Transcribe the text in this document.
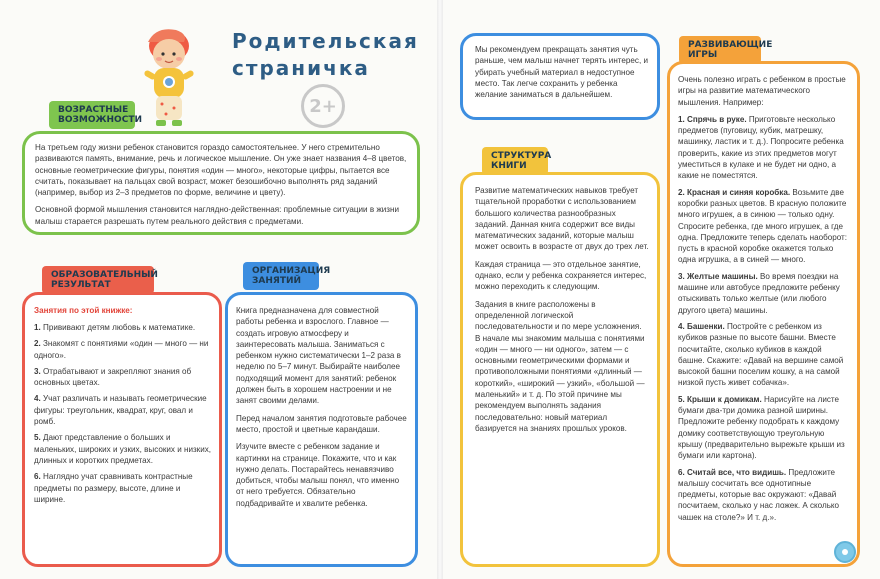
Родительская
страничка
2+

На третьем году жизни ребенок становится гораздо самостоятельнее. У него стремительно развиваются память, внимание, речь и логическое мышление. Он уже знает названия 4–8 цветов, основные геометрические фигуры, понятия «один — много», некоторые цифры, пытается все считать, показывает на пальцах свой возраст, может безошибочно выполнять ряд заданий (например, выбор из 2–3 предметов по форме, величине и цвету).

Основной формой мышления становится наглядно-действенная: проблемные ситуации в жизни малыш старается разрешать путем реального действия с предметами.

ВОЗРАСТНЫЕ ВОЗМОЖНОСТИ
Занятия по этой книжке:
1. Прививают детям любовь к математике.
2. Знакомят с понятиями «один — много — ни одного».
3. Отрабатывают и закрепляют знания об основных цветах.
4. Учат различать и называть геометрические фигуры: треугольник, квадрат, круг, овал и ромб.
5. Дают представление о больших и маленьких, широких и узких, высоких и низких, длинных и коротких предметах.
6. Наглядно учат сравнивать контрастные предметы по размеру, высоте, длине и ширине.
ОБРАЗОВАТЕЛЬНЫЙ РЕЗУЛЬТАТ

Книга предназначена для совместной работы ребенка и взрослого. Главное — создать игровую атмосферу и заинтересовать малыша. Заниматься с ребенком нужно систематически 1–2 раза в неделю по 5–7 минут. Выбирайте наиболее подходящий момент для занятий: ребенок должен быть в хорошем настроении и не занят своими делами.

Перед началом занятия подготовьте рабочее место, простой и цветные карандаши.

Изучите вместе с ребенком задание и картинки на странице. Покажите, что и как нужно делать. Постарайтесь ненавязчиво добиться, чтобы малыш понял, что именно от него требуется. Обязательно подбадривайте и хвалите ребенка.

ОРГАНИЗАЦИЯ ЗАНЯТИЙ

Мы рекомендуем прекращать занятия чуть раньше, чем малыш начнет терять интерес, и убирать учебный материал в недоступное место. Так легче сохранить у ребенка желание заниматься в дальнейшем.

Развитие математических навыков требует тщательной проработки с использованием большого количества разнообразных заданий. Данная книга содержит все виды математических заданий, которые малыш может освоить в возрасте от двух до трех лет.

Каждая страница — это отдельное занятие, однако, если у ребенка сохраняется интерес, можно переходить к следующим.

Задания в книге расположены в определенной логической последовательности и по мере усложнения. В начале мы знакомим малыша с понятиями «один — много — ни одного», затем — с основными геометрическими формами и противоположными понятиями «длинный — короткий», «широкий — узкий», «большой — маленький» и т. д. По этой причине мы рекомендуем выполнять задания последовательно: новый материал базируется на знаниях прошлых уроков.

СТРУКТУРА КНИГИ

Очень полезно играть с ребенком в простые игры на развитие математического мышления. Например:

1. Спрячь в руке. Приготовьте несколько предметов (пуговицу, кубик, матрешку, машинку, ластик и т. д.). Попросите ребенка проверить, какие из этих предметов могут уместиться в кулаке и не будет ни одно, а какие не поместятся.
2. Красная и синяя коробка. Возьмите две коробки разных цветов. В красную положите много игрушек, а в синюю — только одну. Спросите ребенка, где много игрушек, а где одна. Предложите теперь сделать наоборот: пусть в красной коробке окажется только одна игрушка, а в синей — много.
3. Желтые машины. Во время поездки на машине или автобусе предложите ребенку отыскивать только желтые (или любого другого цвета) машины.
4. Башенки. Постройте с ребенком из кубиков разные по высоте башни. Вместе посчитайте, сколько кубиков в каждой башне. Скажите: «Давай на вершине самой высокой башни поселим кошку, а на самой низкой пусть живет собачка».
5. Крыши к домикам. Нарисуйте на листе бумаги два-три домика разной ширины. Предложите ребенку подобрать к каждому домику соответствующую треугольную крышу (предварительно вырежьте крыши из бумаги или картона).
6. Считай все, что видишь. Предложите малышу сосчитать все однотипные предметы, которые вас окружают: «Давай посчитаем, сколько у нас ложек. А сколько чашек на столе?» И т. д.».
РАЗВИВАЮЩИЕ ИГРЫ
